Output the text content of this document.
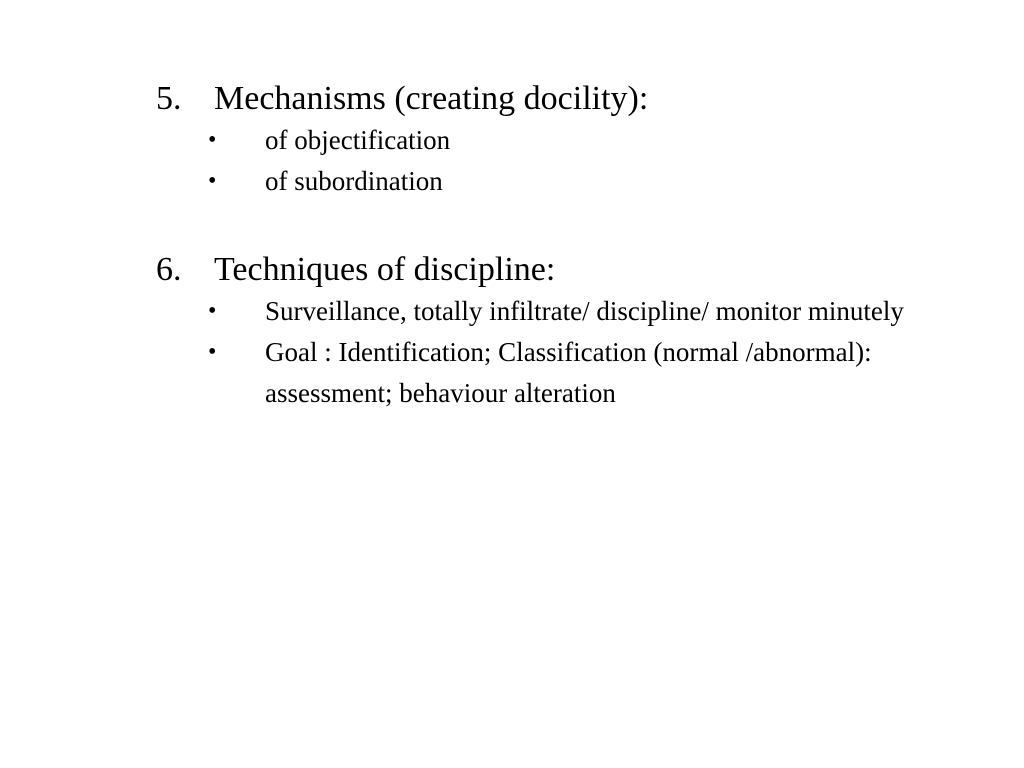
5. Mechanisms (creating docility):
•	of objectification
•	of subordination
6. Techniques of discipline:
•	Surveillance, totally infiltrate/ discipline/ monitor minutely
•	Goal : Identification; Classification (normal /abnormal): assessment; behaviour alteration
